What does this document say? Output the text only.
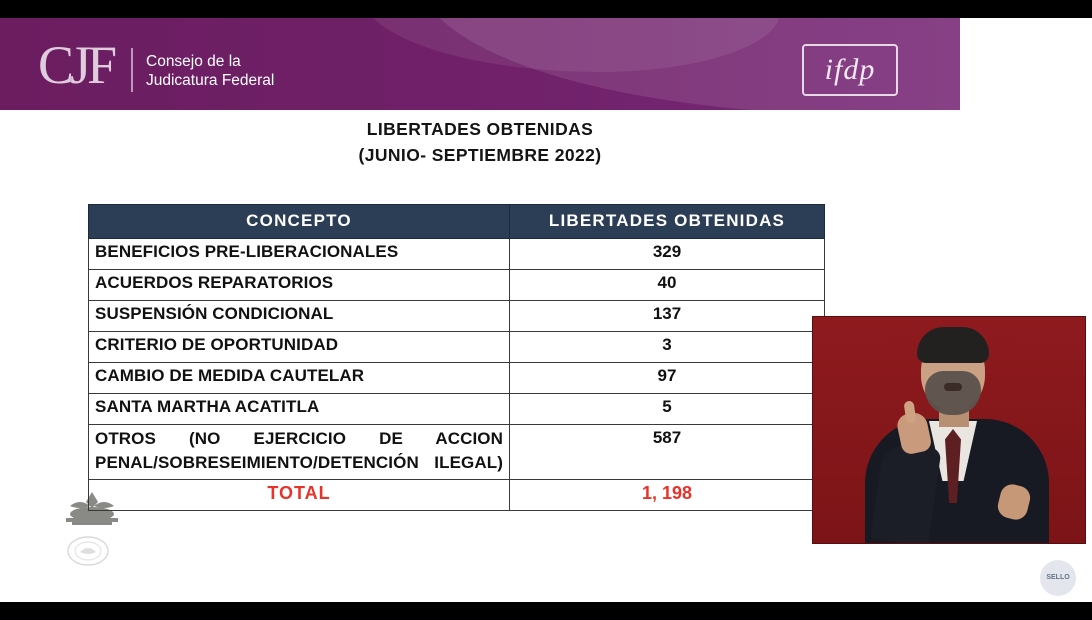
CJF Consejo de la
Judicatura Federal	ifdp
LIBERTADES OBTENIDAS
(JUNIO- SEPTIEMBRE 2022)
CONCEPTO	LIBERTADES OBTENIDAS
BENEFICIOS PRE-LIBERACIONALES	329
ACUERDOS REPARATORIOS	40
SUSPENSIÓN CONDICIONAL	137
CRITERIO DE OPORTUNIDAD	3
CAMBIO DE MEDIDA CAUTELAR	97
SANTA MARTHA ACATITLA	5
OTROS (NO EJERCICIO DE ACCION PENAL/SOBRESEIMIENTO/DETENCIÓN ILEGAL)	587
TOTAL	1, 198
SELLO
